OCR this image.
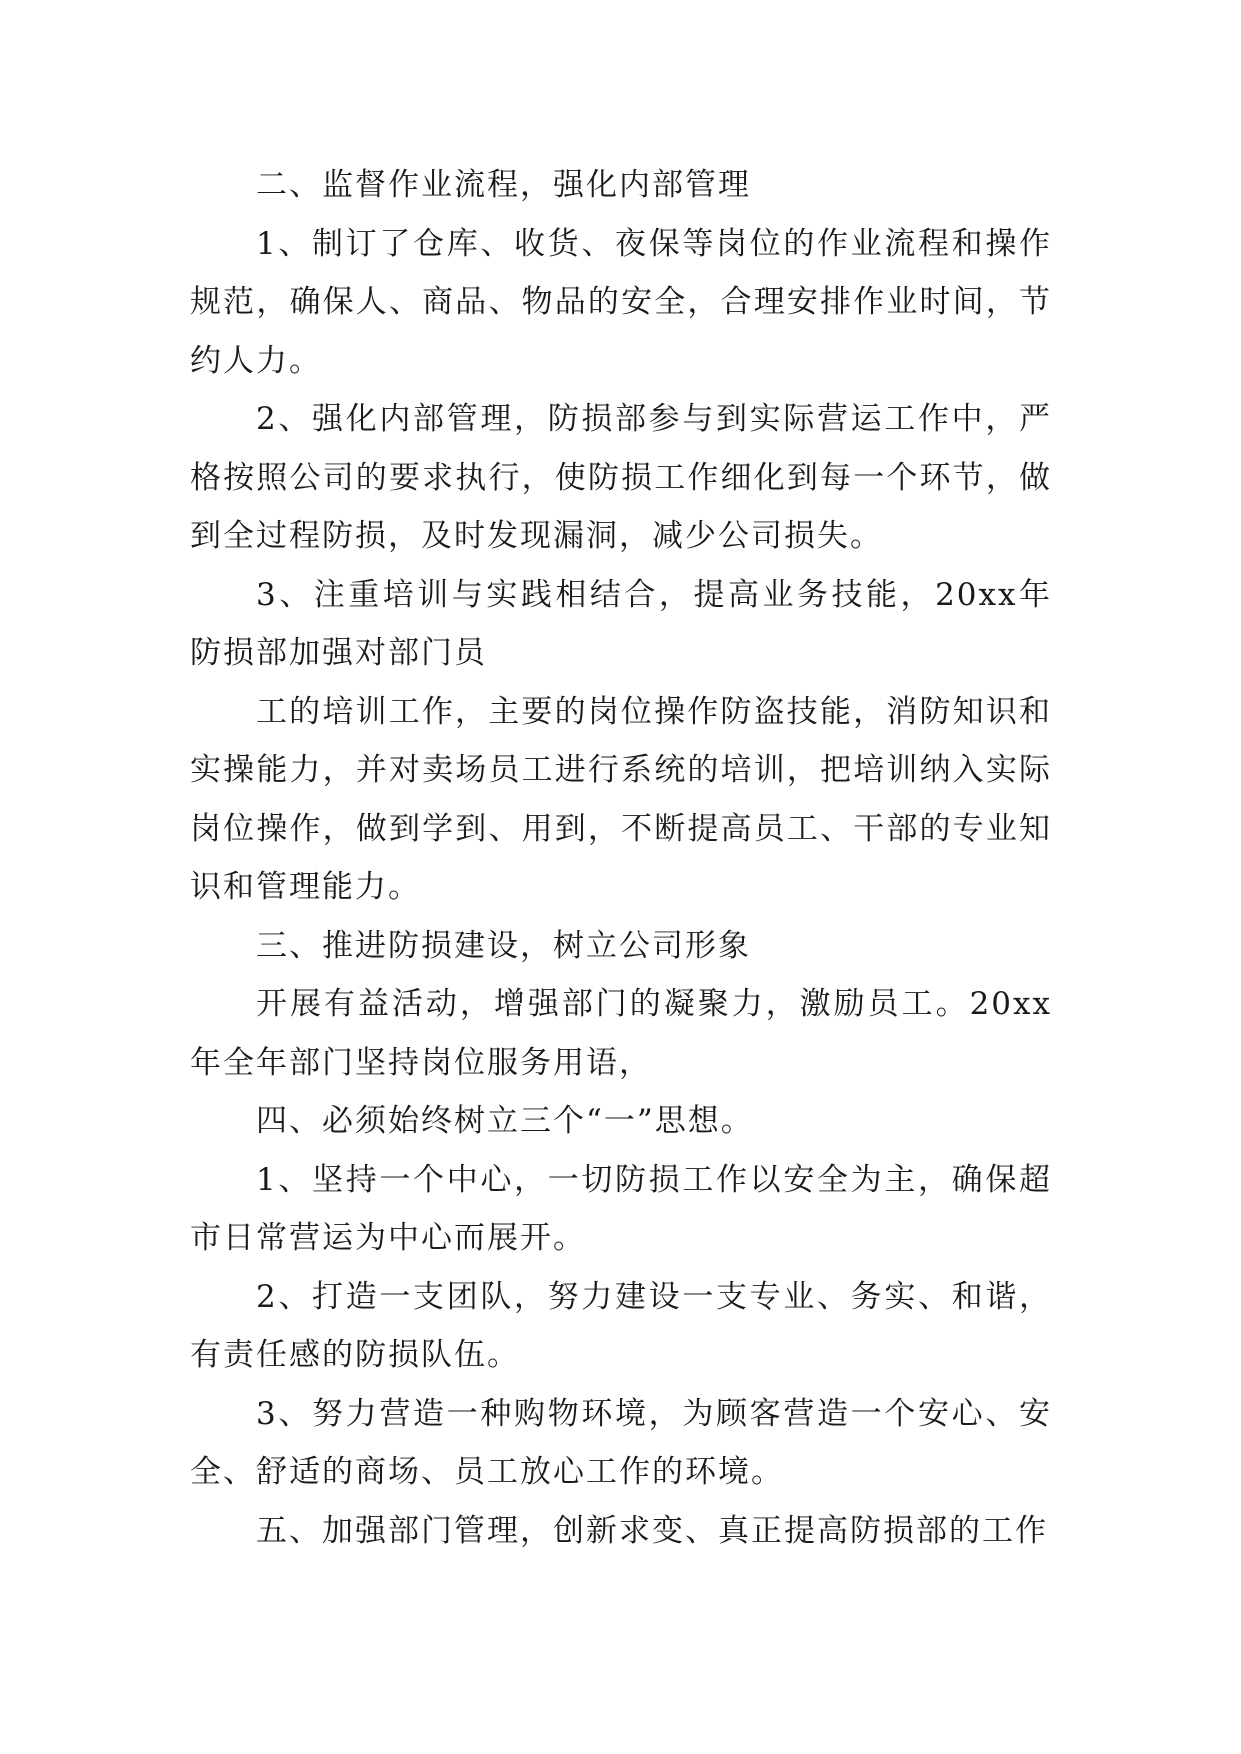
二、监督作业流程，强化内部管理

1、制订了仓库、收货、夜保等岗位的作业流程和操作规范，确保人、商品、物品的安全，合理安排作业时间，节约人力。

2、强化内部管理，防损部参与到实际营运工作中，严格按照公司的要求执行，使防损工作细化到每一个环节，做到全过程防损，及时发现漏洞，减少公司损失。

3、注重培训与实践相结合，提高业务技能，20xx年防损部加强对部门员

工的培训工作，主要的岗位操作防盗技能，消防知识和实操能力，并对卖场员工进行系统的培训，把培训纳入实际岗位操作，做到学到、用到，不断提高员工、干部的专业知识和管理能力。

三、推进防损建设，树立公司形象

开展有益活动，增强部门的凝聚力，激励员工。20xx年全年部门坚持岗位服务用语，

四、必须始终树立三个“一”思想。

1、坚持一个中心，一切防损工作以安全为主，确保超市日常营运为中心而展开。

2、打造一支团队，努力建设一支专业、务实、和谐，有责任感的防损队伍。

3、努力营造一种购物环境，为顾客营造一个安心、安全、舒适的商场、员工放心工作的环境。

五、加强部门管理，创新求变、真正提高防损部的工作
